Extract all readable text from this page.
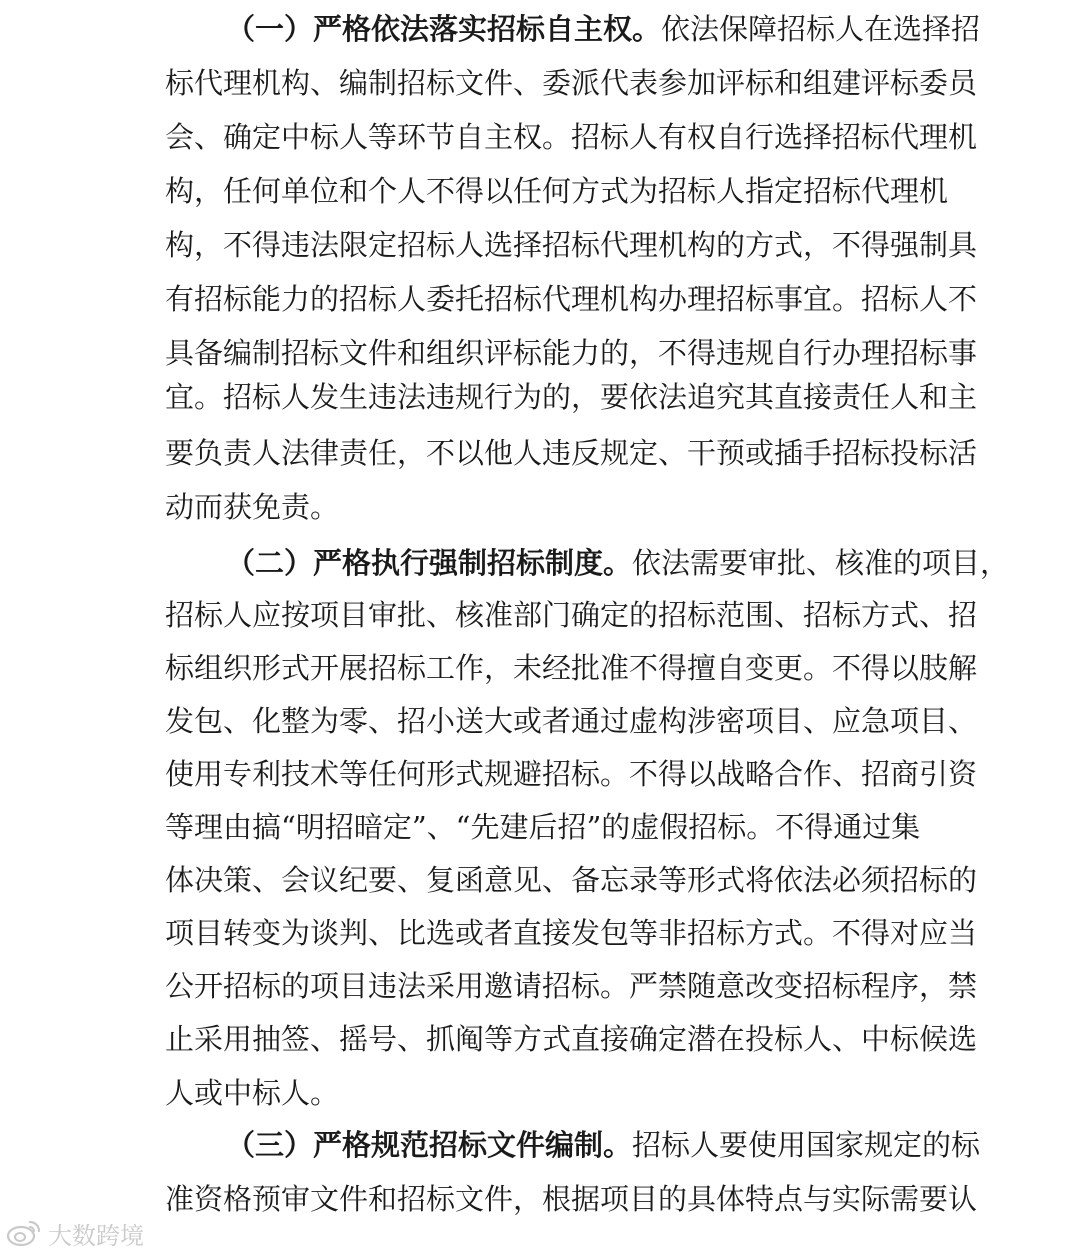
（一）严格依法落实招标自主权。依法保障招标人在选择招
标代理机构、编制招标文件、委派代表参加评标和组建评标委员
会、确定中标人等环节自主权。招标人有权自行选择招标代理机
构，任何单位和个人不得以任何方式为招标人指定招标代理机
构，不得违法限定招标人选择招标代理机构的方式，不得强制具
有招标能力的招标人委托招标代理机构办理招标事宜。招标人不
具备编制招标文件和组织评标能力的，不得违规自行办理招标事
宜。招标人发生违法违规行为的，要依法追究其直接责任人和主
要负责人法律责任，不以他人违反规定、干预或插手招标投标活
动而获免责。
（二）严格执行强制招标制度。依法需要审批、核准的项目，
招标人应按项目审批、核准部门确定的招标范围、招标方式、招
标组织形式开展招标工作，未经批准不得擅自变更。不得以肢解
发包、化整为零、招小送大或者通过虚构涉密项目、应急项目、
使用专利技术等任何形式规避招标。不得以战略合作、招商引资
等理由搞“明招暗定”、“先建后招”的虚假招标。不得通过集
体决策、会议纪要、复函意见、备忘录等形式将依法必须招标的
项目转变为谈判、比选或者直接发包等非招标方式。不得对应当
公开招标的项目违法采用邀请招标。严禁随意改变招标程序，禁
止采用抽签、摇号、抓阄等方式直接确定潜在投标人、中标候选
人或中标人。
（三）严格规范招标文件编制。招标人要使用国家规定的标
准资格预审文件和招标文件，根据项目的具体特点与实际需要认
大数跨境
